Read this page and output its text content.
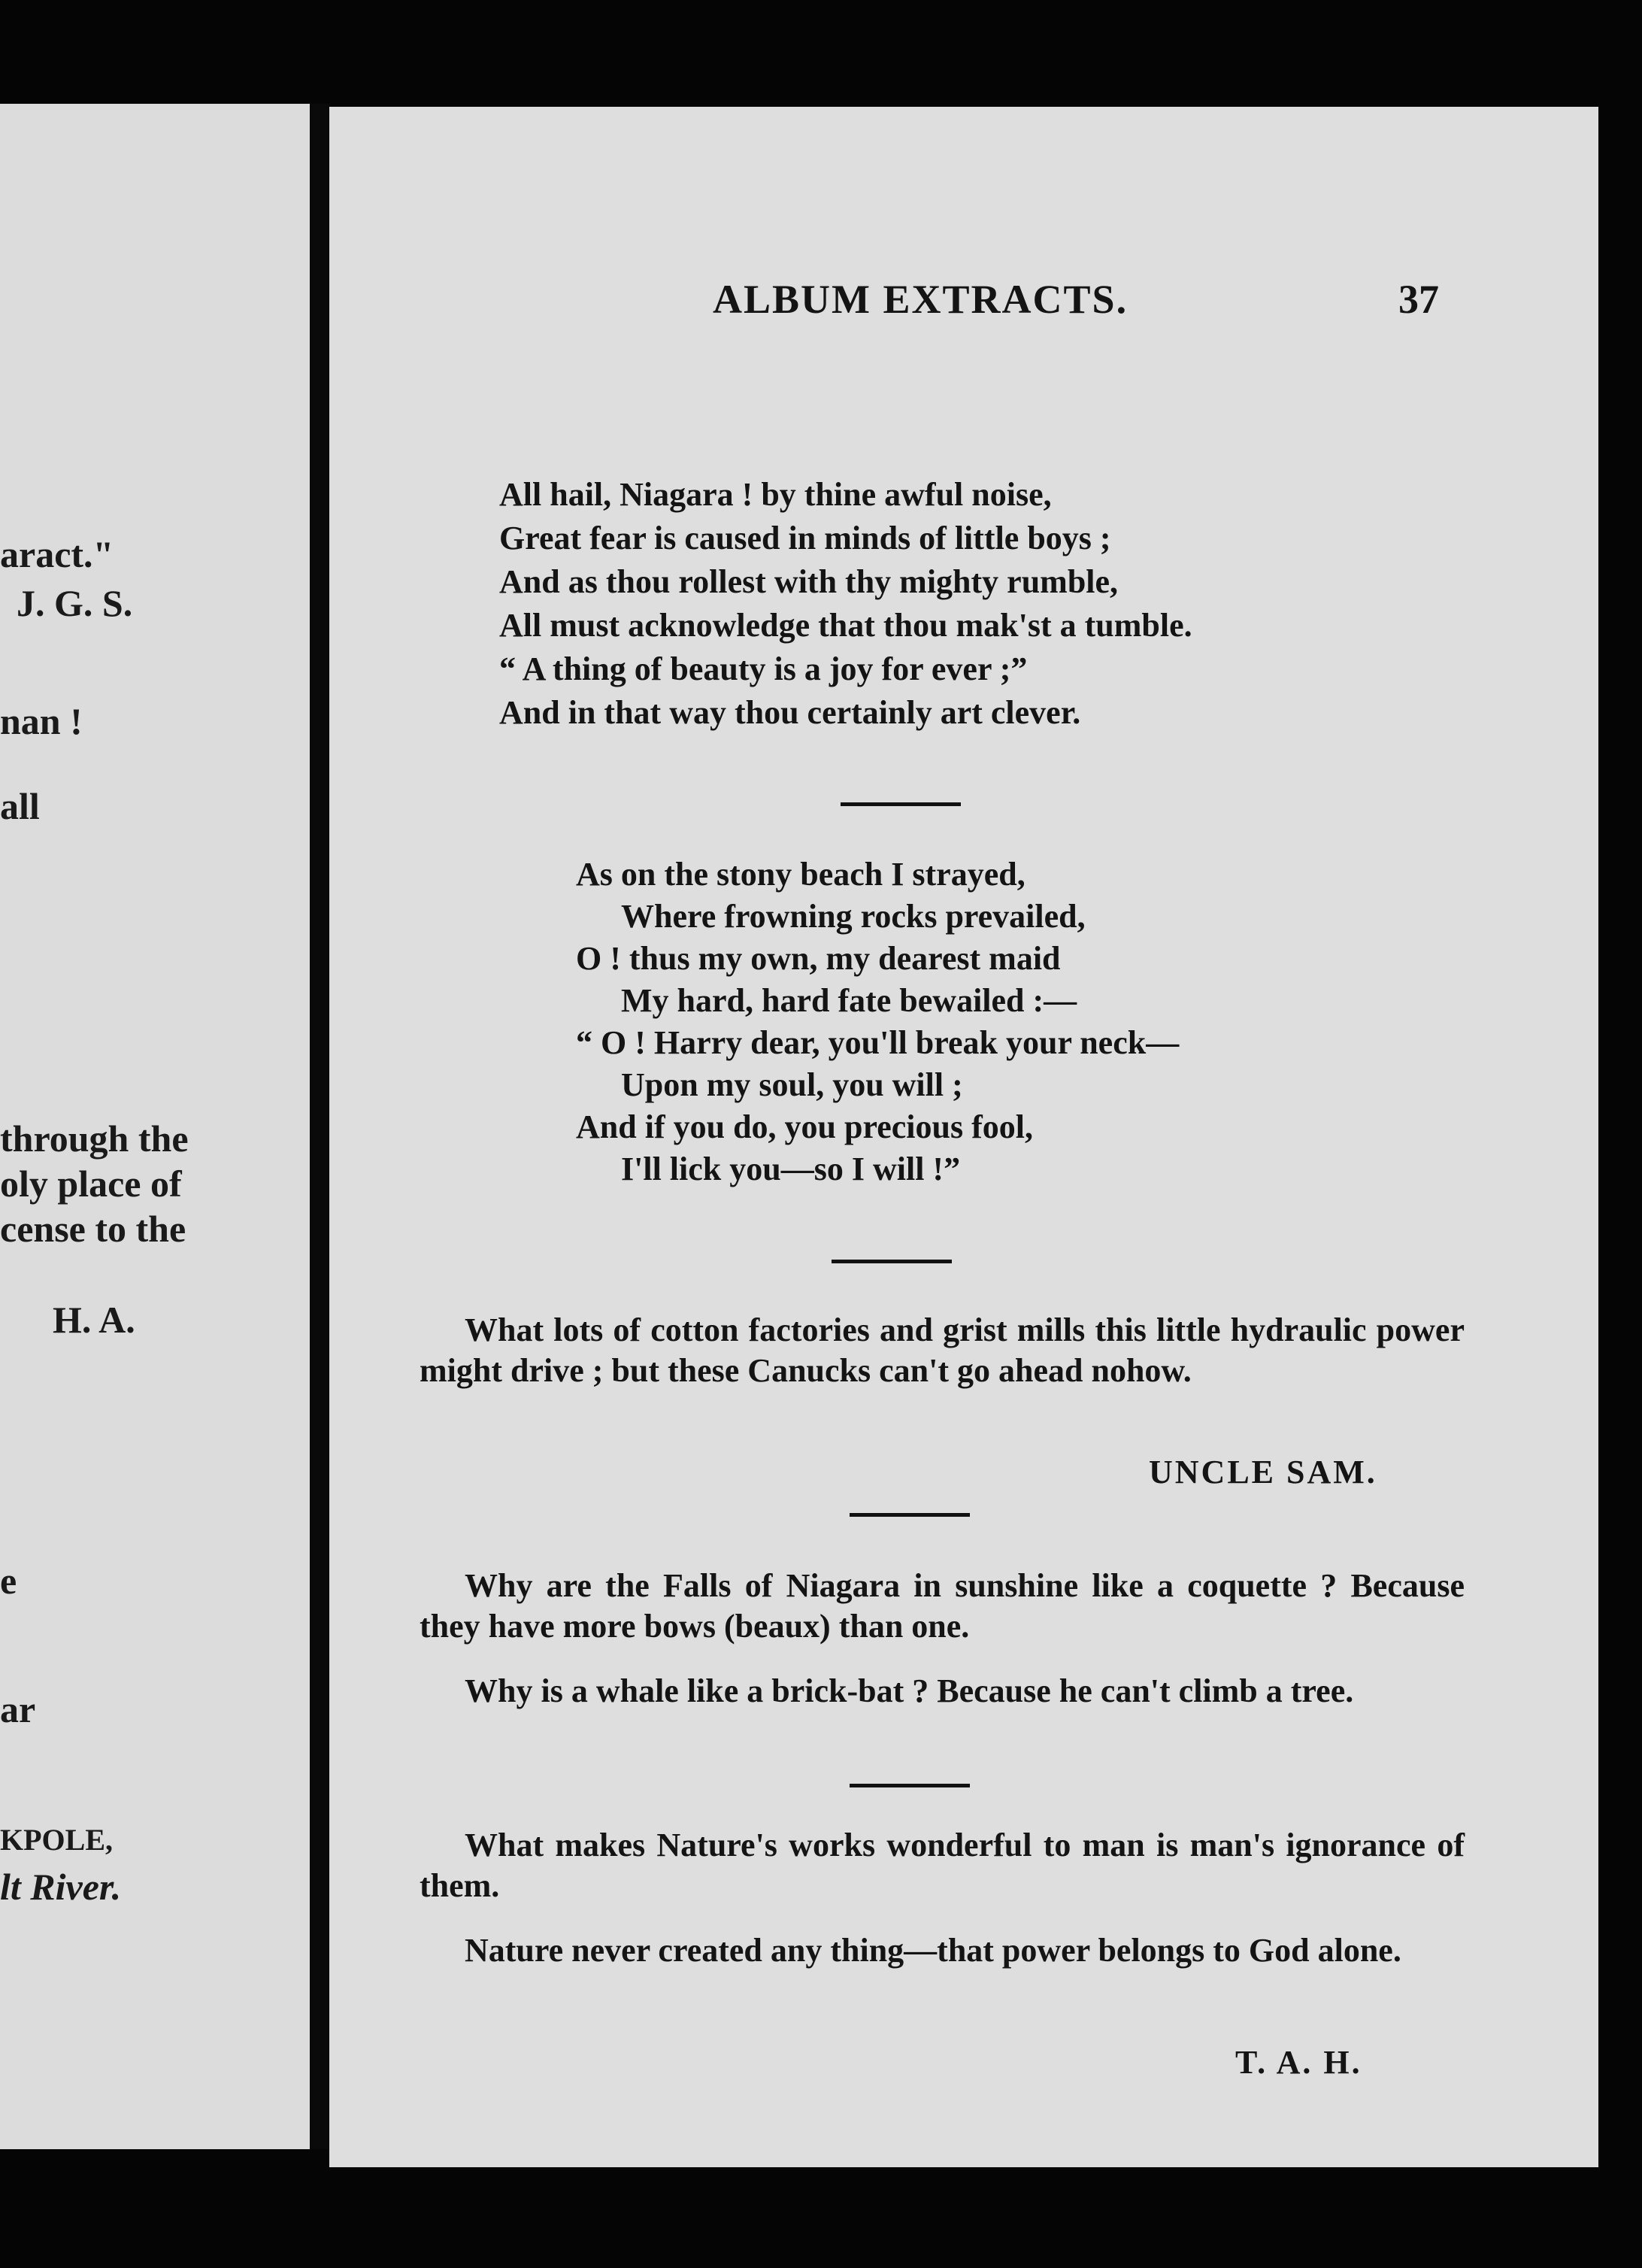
aract."
J. G. S.
nan !
all
through the
oly place of
cense to the
H. A.
e
ar
KPOLE,
lt River.
ALBUM EXTRACTS.	37
All hail, Niagara ! by thine awful noise,
Great fear is caused in minds of little boys ;
And as thou rollest with thy mighty rumble,
All must acknowledge that thou mak'st a tumble.
“ A thing of beauty is a joy for ever ;”
And in that way thou certainly art clever.
As on the stony beach I strayed,
Where frowning rocks prevailed,
O ! thus my own, my dearest maid
My hard, hard fate bewailed :—
“ O ! Harry dear, you'll break your neck—
Upon my soul, you will ;
And if you do, you precious fool,
I'll lick you—so I will !”
What lots of cotton factories and grist mills this little hydraulic power might drive ; but these Canucks can't go ahead nohow.
UNCLE SAM.
Why are the Falls of Niagara in sunshine like a coquette ? Because they have more bows (beaux) than one.
Why is a whale like a brick-bat ? Because he can't climb a tree.
What makes Nature's works wonderful to man is man's ignorance of them.
Nature never created any thing—that power belongs to God alone.
T. A. H.
